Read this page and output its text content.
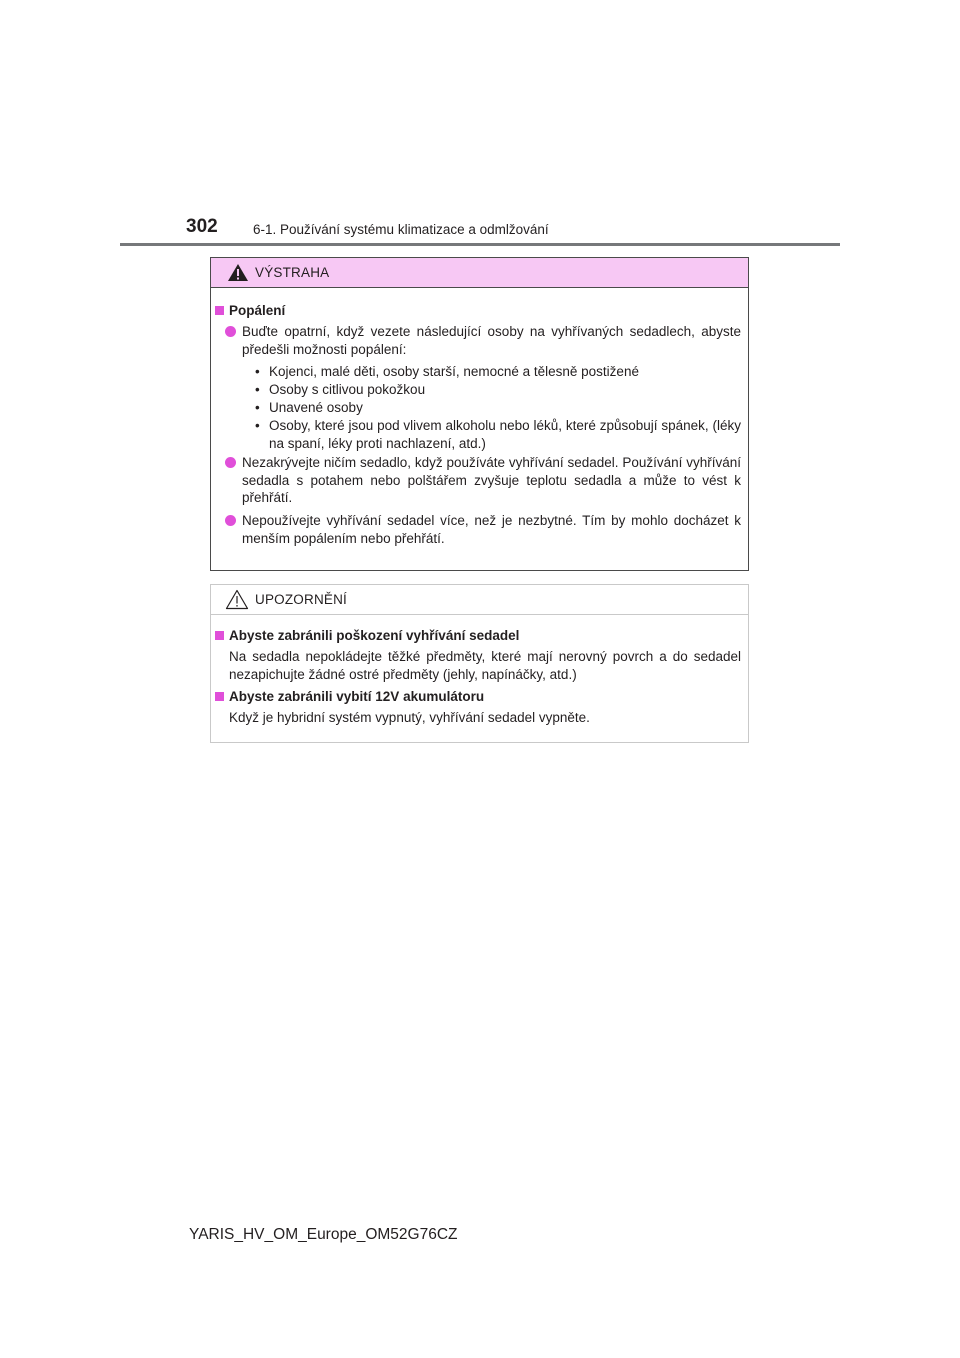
302	6-1. Používání systému klimatizace a odmlžování
VÝSTRAHA
Popálení
Buďte opatrní, když vezete následující osoby na vyhřívaných sedadlech, abyste předešli možnosti popálení:
• Kojenci, malé děti, osoby starší, nemocné a tělesně postižené
• Osoby s citlivou pokožkou
• Unavené osoby
• Osoby, které jsou pod vlivem alkoholu nebo léků, které způsobují spánek, (léky na spaní, léky proti nachlazení, atd.)
Nezakrývejte ničím sedadlo, když používáte vyhřívání sedadel. Používání vyhřívání sedadla s potahem nebo polštářem zvyšuje teplotu sedadla a může to vést k přehřátí.
Nepoužívejte vyhřívání sedadel více, než je nezbytné. Tím by mohlo docházet k menším popálením nebo přehřátí.
UPOZORNĚNÍ
Abyste zabránili poškození vyhřívání sedadel
Na sedadla nepokládejte těžké předměty, které mají nerovný povrch a do sedadel nezapichujte žádné ostré předměty (jehly, napínáčky, atd.)
Abyste zabránili vybití 12V akumulátoru
Když je hybridní systém vypnutý, vyhřívání sedadel vypněte.
YARIS_HV_OM_Europe_OM52G76CZ
